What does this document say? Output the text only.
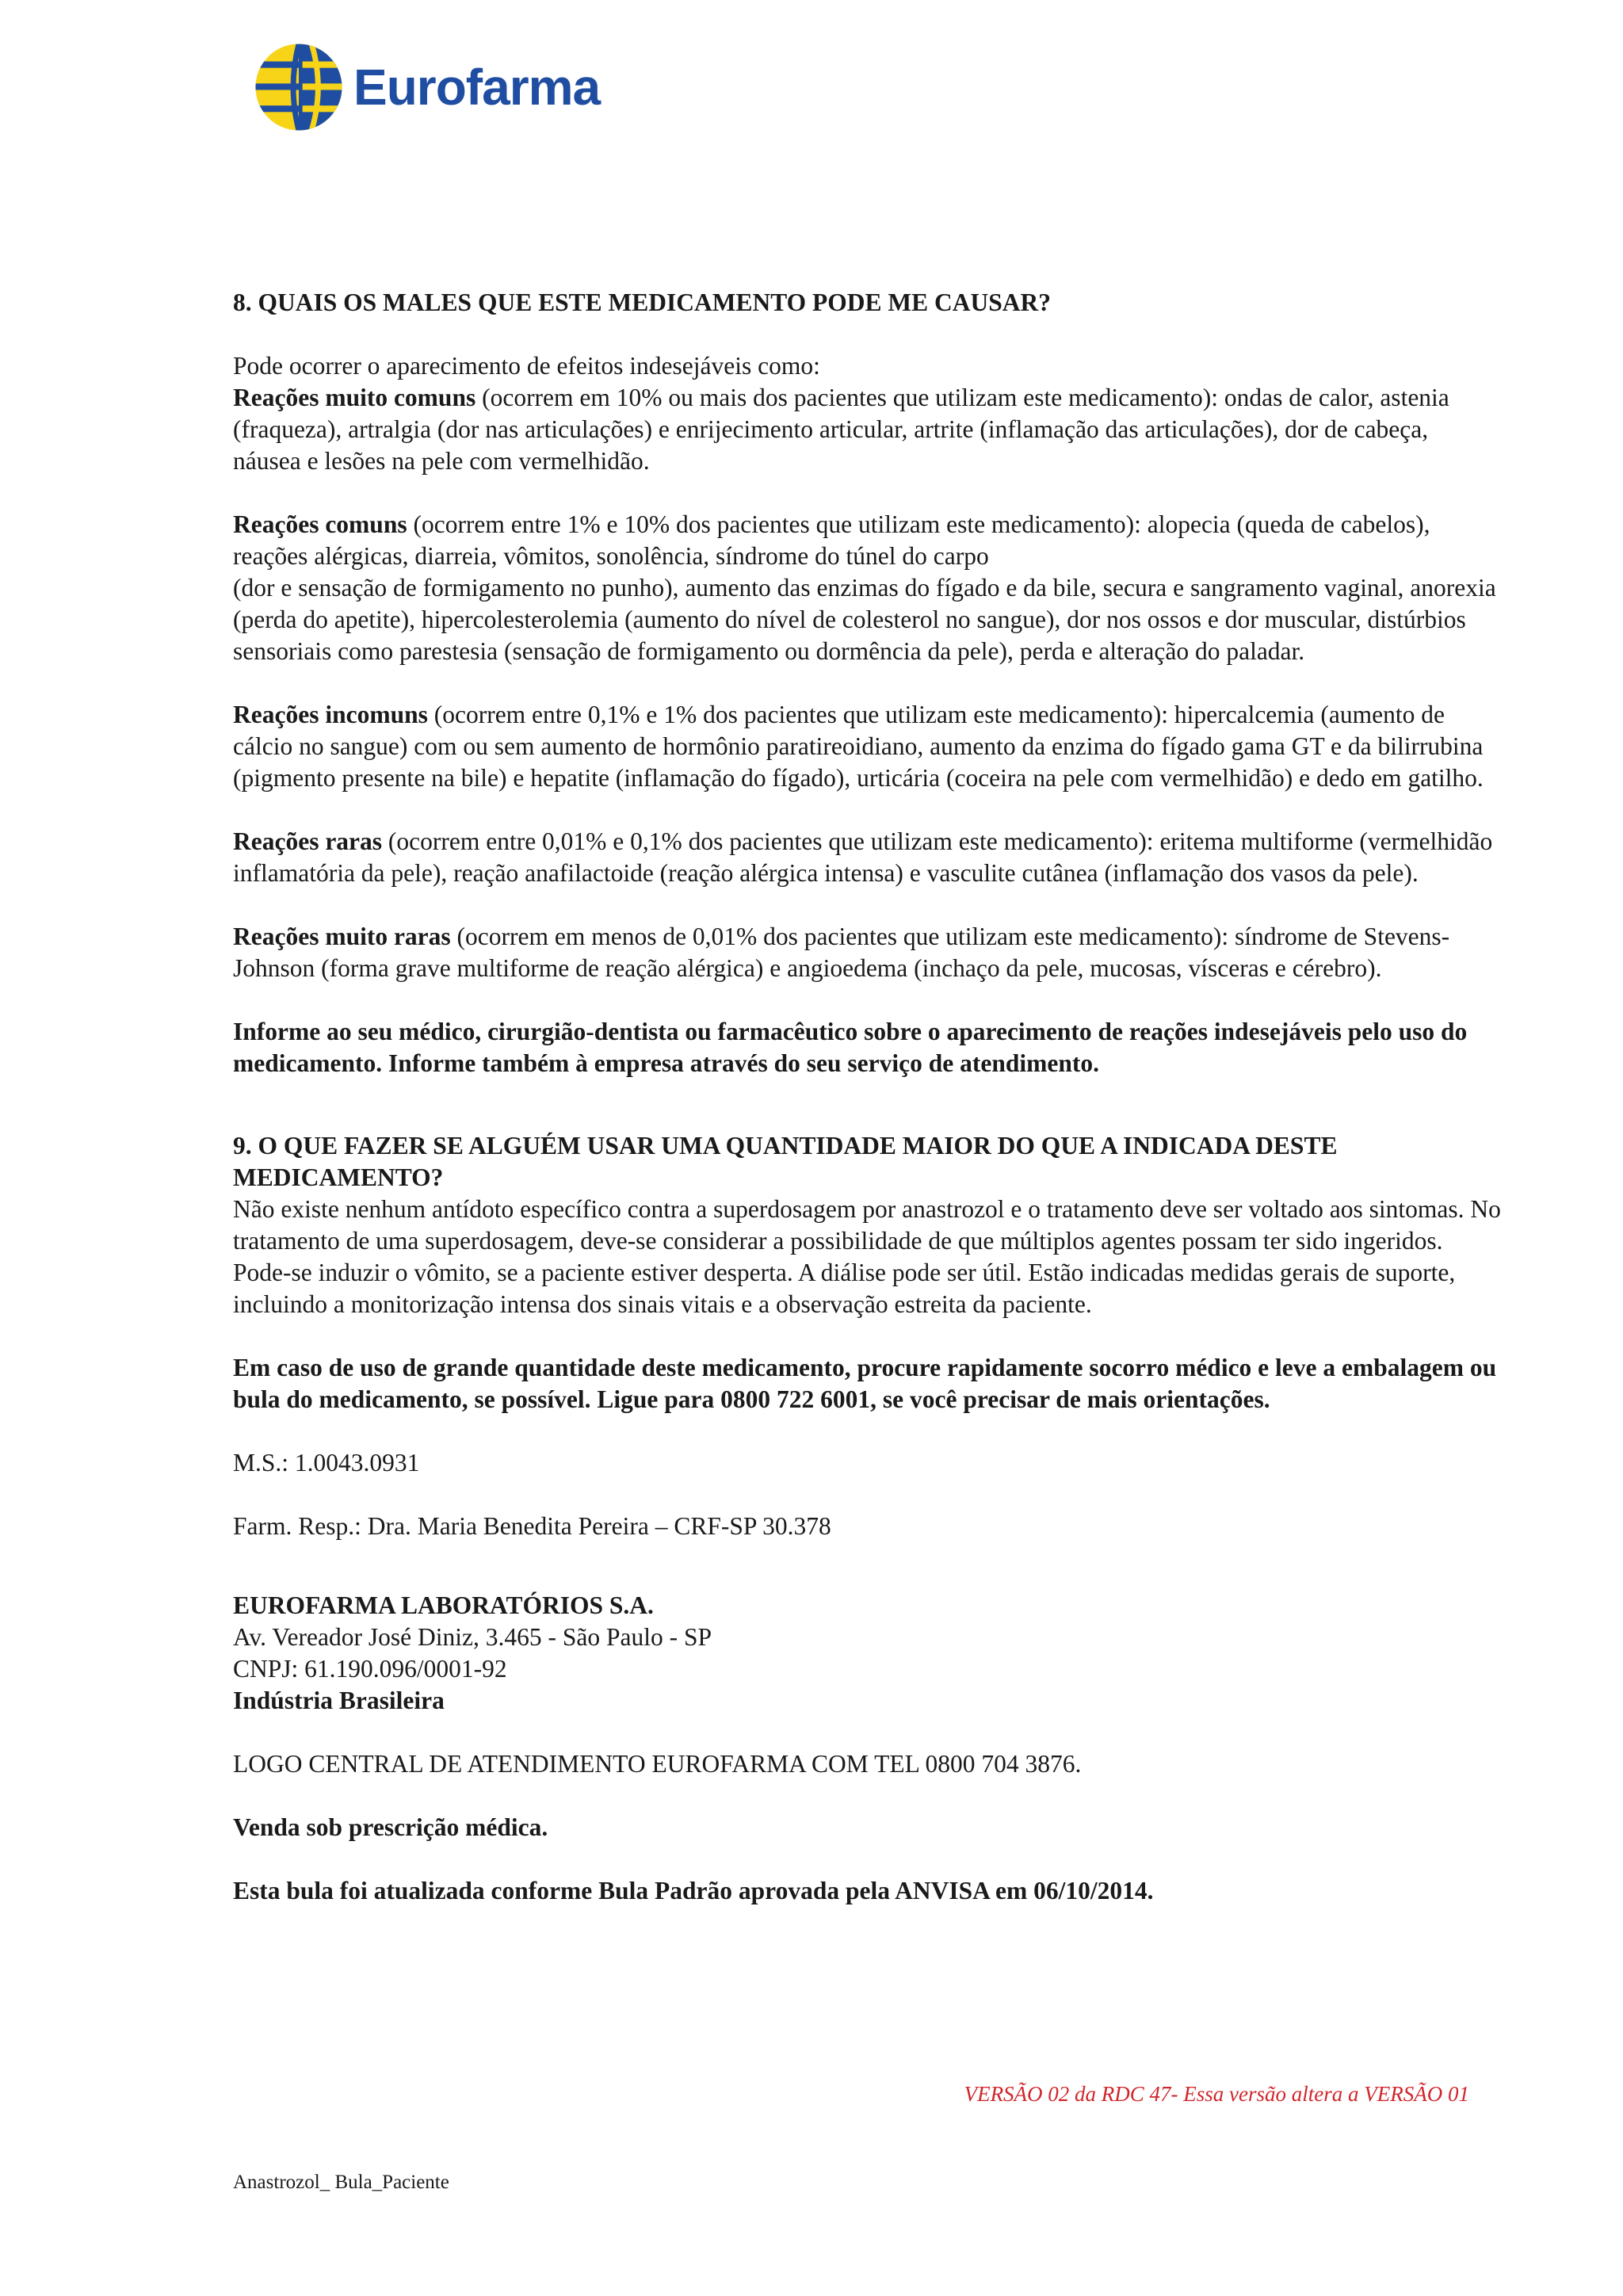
Eurofarma

8. QUAIS OS MALES QUE ESTE MEDICAMENTO PODE ME CAUSAR?

Pode ocorrer o aparecimento de efeitos indesejáveis como:

Reações muito comuns (ocorrem em 10% ou mais dos pacientes que utilizam este medicamento): ondas de calor, astenia (fraqueza), artralgia (dor nas articulações) e enrijecimento articular, artrite (inflamação das articulações), dor de cabeça, náusea e lesões na pele com vermelhidão.

Reações comuns (ocorrem entre 1% e 10% dos pacientes que utilizam este medicamento): alopecia (queda de cabelos), reações alérgicas, diarreia, vômitos, sonolência, síndrome do túnel do carpo

(dor e sensação de formigamento no punho), aumento das enzimas do fígado e da bile, secura e sangramento vaginal, anorexia (perda do apetite), hipercolesterolemia (aumento do nível de colesterol no sangue), dor nos ossos e dor muscular, distúrbios sensoriais como parestesia (sensação de formigamento ou dormência da pele), perda e alteração do paladar.

Reações incomuns (ocorrem entre 0,1% e 1% dos pacientes que utilizam este medicamento): hipercalcemia (aumento de cálcio no sangue) com ou sem aumento de hormônio paratireoidiano, aumento da enzima do fígado gama GT e da bilirrubina (pigmento presente na bile) e hepatite (inflamação do fígado), urticária (coceira na pele com vermelhidão) e dedo em gatilho.

Reações raras (ocorrem entre 0,01% e 0,1% dos pacientes que utilizam este medicamento): eritema multiforme (vermelhidão inflamatória da pele), reação anafilactoide (reação alérgica intensa) e vasculite cutânea (inflamação dos vasos da pele).

Reações muito raras (ocorrem em menos de 0,01% dos pacientes que utilizam este medicamento): síndrome de Stevens-Johnson (forma grave multiforme de reação alérgica) e angioedema (inchaço da pele, mucosas, vísceras e cérebro).

Informe ao seu médico, cirurgião-dentista ou farmacêutico sobre o aparecimento de reações indesejáveis pelo uso do medicamento. Informe também à empresa através do seu serviço de atendimento.

9. O QUE FAZER SE ALGUÉM USAR UMA QUANTIDADE MAIOR DO QUE A INDICADA DESTE MEDICAMENTO?

Não existe nenhum antídoto específico contra a superdosagem por anastrozol e o tratamento deve ser voltado aos sintomas. No tratamento de uma superdosagem, deve-se considerar a possibilidade de que múltiplos agentes possam ter sido ingeridos. Pode-se induzir o vômito, se a paciente estiver desperta. A diálise pode ser útil. Estão indicadas medidas gerais de suporte, incluindo a monitorização intensa dos sinais vitais e a observação estreita da paciente.

Em caso de uso de grande quantidade deste medicamento, procure rapidamente socorro médico e leve a embalagem ou bula do medicamento, se possível. Ligue para 0800 722 6001, se você precisar de mais orientações.

M.S.: 1.0043.0931

Farm. Resp.: Dra. Maria Benedita Pereira – CRF-SP 30.378

EUROFARMA LABORATÓRIOS S.A.

Av. Vereador José Diniz, 3.465 - São Paulo - SP

CNPJ: 61.190.096/0001-92

Indústria Brasileira

LOGO CENTRAL DE ATENDIMENTO EUROFARMA COM TEL 0800 704 3876.

Venda sob prescrição médica.

Esta bula foi atualizada conforme Bula Padrão aprovada pela ANVISA em 06/10/2014.

VERSÃO 02 da RDC 47- Essa versão altera a VERSÃO 01
Anastrozol_ Bula_Paciente
